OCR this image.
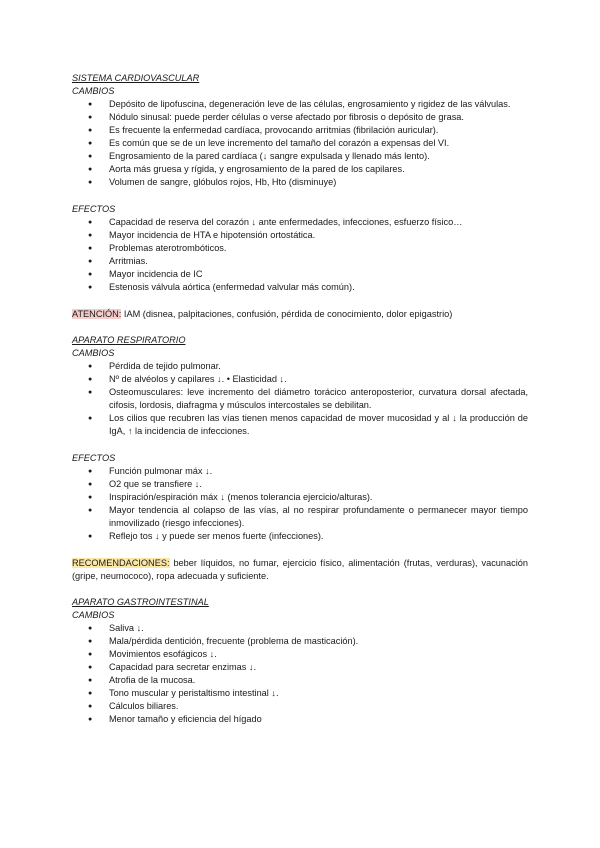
SISTEMA CARDIOVASCULAR

CAMBIOS

● Depósito de lipofuscina, degeneración leve de las células, engrosamiento y rigidez de las válvulas.
● Nódulo sinusal: puede perder células o verse afectado por fibrosis o depósito de grasa.
● Es frecuente la enfermedad cardíaca, provocando arritmias (fibrilación auricular).
● Es común que se de un leve incremento del tamaño del corazón a expensas del VI.
● Engrosamiento de la pared cardíaca (↓ sangre expulsada y llenado más lento).
● Aorta más gruesa y rígida, y engrosamiento de la pared de los capilares.
● Volumen de sangre, glóbulos rojos, Hb, Hto (disminuye)

EFECTOS

● Capacidad de reserva del corazón ↓ ante enfermedades, infecciones, esfuerzo físico…
● Mayor incidencia de HTA e hipotensión ortostática.
● Problemas aterotrombóticos.
● Arritmias.
● Mayor incidencia de IC
● Estenosis válvula aórtica (enfermedad valvular más común).

ATENCIÓN: IAM (disnea, palpitaciones, confusión, pérdida de conocimiento, dolor epigastrio)

APARATO RESPIRATORIO

CAMBIOS

● Pérdida de tejido pulmonar.
● Nº de alvéolos y capilares ↓. • Elasticidad ↓.
● Osteomusculares: leve incremento del diámetro torácico anteroposterior, curvatura dorsal afectada, cifosis, lordosis, diafragma y músculos intercostales se debilitan.
● Los cilios que recubren las vías tienen menos capacidad de mover mucosidad y al ↓ la producción de IgA, ↑ la incidencia de infecciones.

EFECTOS

● Función pulmonar máx ↓.
● O2 que se transfiere ↓.
● Inspiración/espiración máx ↓ (menos tolerancia ejercicio/alturas).
● Mayor tendencia al colapso de las vías, al no respirar profundamente o permanecer mayor tiempo inmovilizado (riesgo infecciones).
● Reflejo tos ↓ y puede ser menos fuerte (infecciones).

RECOMENDACIONES: beber líquidos, no fumar, ejercicio físico, alimentación (frutas, verduras), vacunación (gripe, neumococo), ropa adecuada y suficiente.

APARATO GASTROINTESTINAL

CAMBIOS

● Saliva ↓.
● Mala/pérdida dentición, frecuente (problema de masticación).
● Movimientos esofágicos ↓.
● Capacidad para secretar enzimas ↓.
● Atrofia de la mucosa.
● Tono muscular y peristaltismo intestinal ↓.
● Cálculos biliares.
● Menor tamaño y eficiencia del hígado
